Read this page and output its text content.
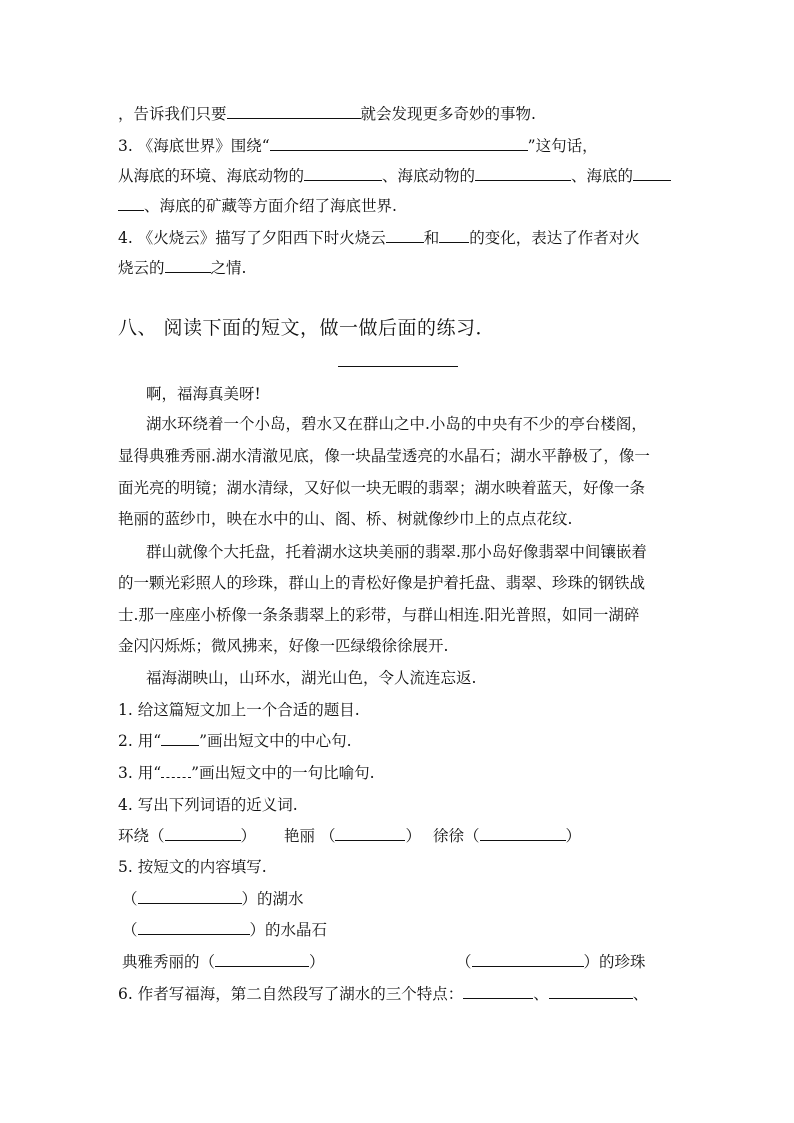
，告诉我们只要	就会发现更多奇妙的事物.
3. 《海底世界》围绕“	”这句话，
从海底的环境、海底动物的	、海底动物的	、海底的
、海底的矿藏等方面介绍了海底世界.
4. 《火烧云》描写了夕阳西下时火烧云 和 的变化，表达了作者对火
烧云的	之情.
八、 阅读下面的短文，做一做后面的练习．
啊，福海真美呀!
湖水环绕着一个小岛，碧水又在群山之中.小岛的中央有不少的亭台楼阁，
显得典雅秀丽.湖水清澈见底，像一块晶莹透亮的水晶石；湖水平静极了，像一
面光亮的明镜；湖水清绿，又好似一块无暇的翡翠；湖水映着蓝天，好像一条
艳丽的蓝纱巾，映在水中的山、阁、桥、树就像纱巾上的点点花纹.
群山就像个大托盘，托着湖水这块美丽的翡翠.那小岛好像翡翠中间镶嵌着
的一颗光彩照人的珍珠，群山上的青松好像是护着托盘、翡翠、珍珠的钢铁战
士.那一座座小桥像一条条翡翠上的彩带，与群山相连.阳光普照，如同一湖碎
金闪闪烁烁；微风拂来，好像一匹绿缎徐徐展开.
福海湖映山，山环水，湖光山色，令人流连忘返.
1. 给这篇短文加上一个合适的题目.
2. 用“ ”画出短文中的中心句.
3. 用“ ”画出短文中的一句比喻句.
4. 写出下列词语的近义词.
环绕（	） 艳丽 （	） 徐徐（	）
5. 按短文的内容填写.
（	）的湖水
（	）的水晶石
典雅秀丽的（	）	（	）的珍珠
6. 作者写福海，第二自然段写了湖水的三个特点：	、	、
